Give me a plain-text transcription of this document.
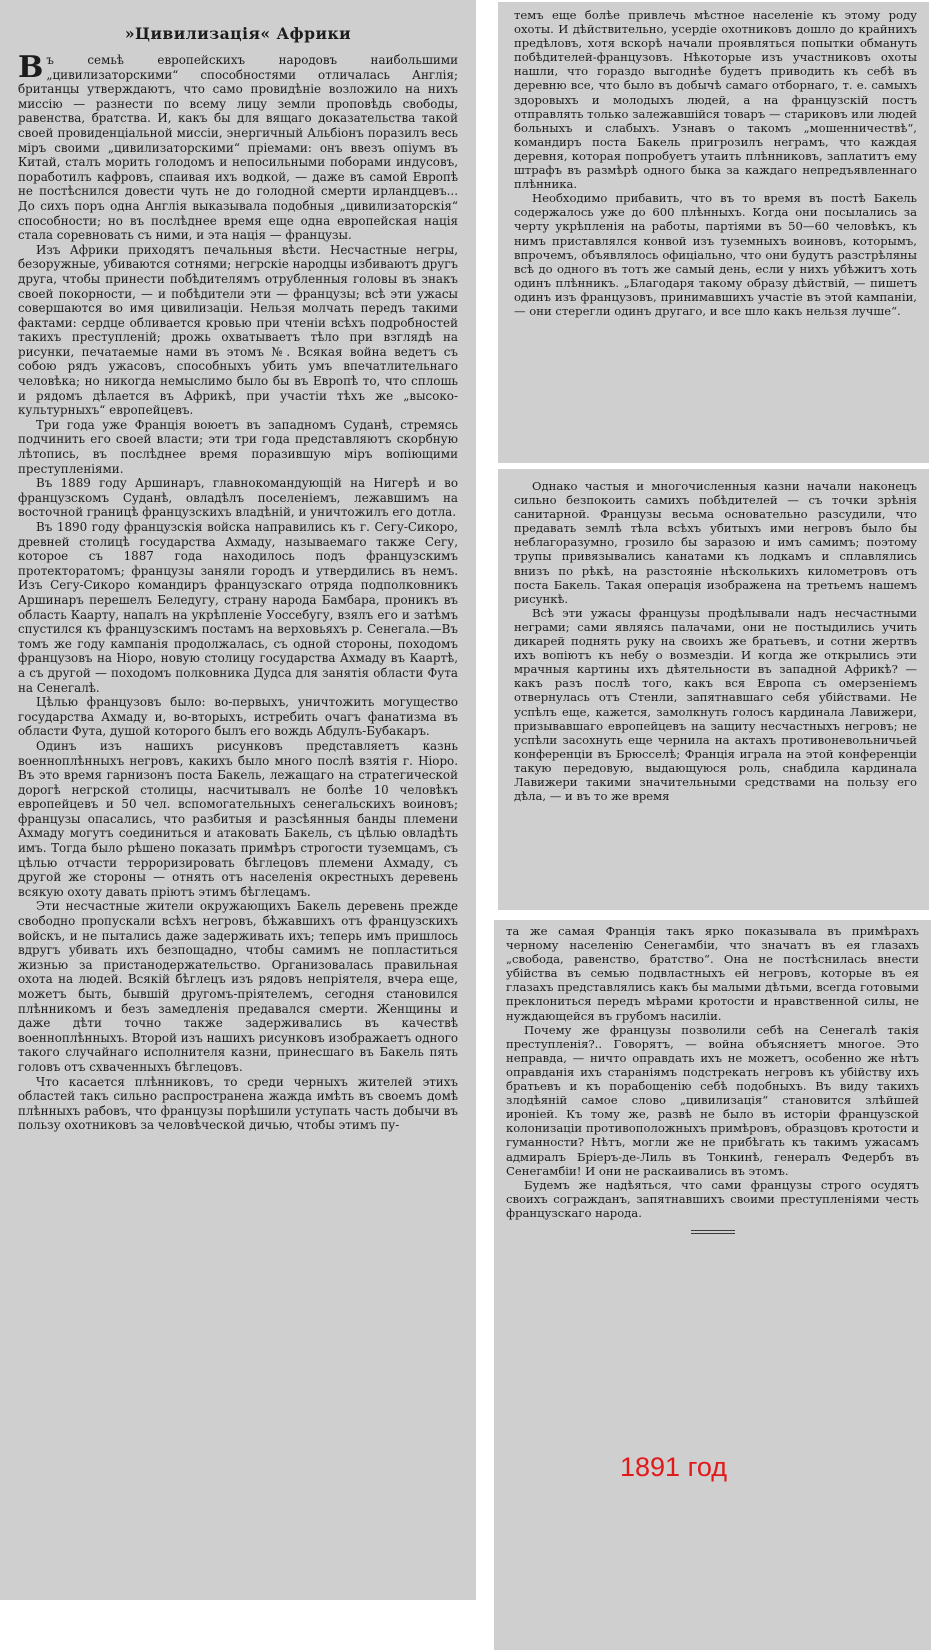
»Цивилизація« Африки

Въ семьѣ европейскихъ народовъ наибольшими „цивилизаторскими“ способностями отличалась Англія; британцы утверждаютъ, что само провидѣніе возложило на нихъ миссію — разнести по всему лицу земли проповѣдь свободы, равенства, братства. И, какъ бы для вящаго доказательства такой своей провиденціальной миссіи, энергичный Альбіонъ поразилъ весь міръ своими „цивилизаторскими“ пріемами: онъ ввезъ опіумъ въ Китай, сталъ морить голодомъ и непосильными поборами индусовъ, поработилъ кафровъ, спаивая ихъ водкой, — даже въ самой Европѣ не постѣснился довести чуть не до голодной смерти ирландцевъ... До сихъ поръ одна Англія выказывала подобныя „цивилизаторскія“ способности; но въ послѣднее время еще одна европейская нація стала соревновать съ ними, и эта нація — французы.

Изъ Африки приходятъ печальныя вѣсти. Несчастные негры, безоружные, убиваются сотнями; негрскіе народцы избиваютъ другъ друга, чтобы принести побѣдителямъ отрубленныя головы въ знакъ своей покорности, — и побѣдители эти — французы; всѣ эти ужасы совершаются во имя цивилизаціи. Нельзя молчать передъ такими фактами: сердце обливается кровью при чтеніи всѣхъ подробностей такихъ преступленій; дрожь охватываетъ тѣло при взглядѣ на рисунки, печатаемые нами въ этомъ №. Всякая война ведетъ съ собою рядъ ужасовъ, способныхъ убить умъ впечатлительнаго человѣка; но никогда немыслимо было бы въ Европѣ то, что сплошь и рядомъ дѣлается въ Африкѣ, при участіи тѣхъ же „высоко-культурныхъ“ европейцевъ.

Три года уже Франція воюетъ въ западномъ Суданѣ, стремясь подчинить его своей власти; эти три года представляютъ скорбную лѣтопись, въ послѣднее время поразившую міръ вопіющими преступленіями.

Въ 1889 году Аршинаръ, главнокомандующій на Нигерѣ и во французскомъ Суданѣ, овладѣлъ поселеніемъ, лежавшимъ на восточной границѣ французскихъ владѣній, и уничтожилъ его дотла.

Въ 1890 году французскія войска направились къ г. Сегу-Сикоро, древней столицѣ государства Ахмаду, называемаго также Сегу, которое съ 1887 года находилось подъ французскимъ протекторатомъ; французы заняли городъ и утвердились въ немъ. Изъ Сегу-Сикоро командиръ французскаго отряда подполковникъ Аршинаръ перешелъ Беледугу, страну народа Бамбара, проникъ въ область Каарту, напалъ на укрѣпленіе Уоссебугу, взялъ его и затѣмъ спустился къ французскимъ постамъ на верховьяхъ р. Сенегала.—Въ томъ же году кампанія продолжалась, съ одной стороны, походомъ французовъ на Ніоро, новую столицу государства Ахмаду въ Каартѣ, а съ другой — походомъ полковника Дудса для занятія области Фута на Сенегалѣ.

Цѣлью французовъ было: во-первыхъ, уничтожить могущество государства Ахмаду и, во-вторыхъ, истребить очагъ фанатизма въ области Фута, душой которого былъ его вождь Абдулъ-Бубакаръ.

Одинъ изъ нашихъ рисунковъ представляетъ казнь военноплѣнныхъ негровъ, какихъ было много послѣ взятія г. Ніоро. Въ это время гарнизонъ поста Бакель, лежащаго на стратегической дорогѣ негрской столицы, насчитывалъ не болѣе 10 человѣкъ европейцевъ и 50 чел. вспомогательныхъ сенегальскихъ воиновъ; французы опасались, что разбитыя и разсѣянныя банды племени Ахмаду могутъ соединиться и атаковать Бакель, съ цѣлью овладѣть имъ. Тогда было рѣшено показать примѣръ строгости туземцамъ, съ цѣлью отчасти терроризировать бѣглецовъ племени Ахмаду, съ другой же стороны — отнять отъ населенія окрестныхъ деревень всякую охоту давать пріютъ этимъ бѣглецамъ.

Эти несчастные жители окружающихъ Бакель деревень прежде свободно пропускали всѣхъ негровъ, бѣжавшихъ отъ французскихъ войскъ, и не пытались даже задерживать ихъ; теперь имъ пришлось вдругъ убивать ихъ безпощадно, чтобы самимъ не попластиться жизнью за пристанодержательство. Организовалась правильная охота на людей. Всякій бѣглецъ изъ рядовъ непріятеля, вчера еще, можетъ быть, бывшій другомъ-пріятелемъ, сегодня становился плѣнникомъ и безъ замедленія предавался смерти. Женщины и даже дѣти точно также задерживались въ качествѣ военноплѣнныхъ. Второй изъ нашихъ рисунковъ изображаетъ одного такого случайнаго исполнителя казни, принесшаго въ Бакель пять головъ отъ схваченныхъ бѣглецовъ.

Что касается плѣнниковъ, то среди черныхъ жителей этихъ областей такъ сильно распространена жажда имѣть въ своемъ домѣ плѣнныхъ рабовъ, что французы порѣшили уступать часть добычи въ пользу охотниковъ за человѣческой дичью, чтобы этимъ пу-

темъ еще болѣе привлечь мѣстное населеніе къ этому роду охоты. И дѣйствительно, усердіе охотниковъ дошло до крайнихъ предѣловъ, хотя вскорѣ начали проявляться попытки обмануть побѣдителей-французовъ. Нѣкоторые изъ участниковъ охоты нашли, что гораздо выгоднѣе будетъ приводить къ себѣ въ деревню все, что было въ добычѣ самаго отборнаго, т. е. самыхъ здоровыхъ и молодыхъ людей, а на французскій постъ отправлять только залежавшійся товаръ — стариковъ или людей больныхъ и слабыхъ. Узнавъ о такомъ „мошенничествѣ“, командиръ поста Бакель пригрозилъ неграмъ, что каждая деревня, которая попробуетъ утаить плѣнниковъ, заплатитъ ему штрафъ въ размѣрѣ одного быка за каждаго непредъявленнаго плѣнника.

Необходимо прибавить, что въ то время въ постѣ Бакель содержалось уже до 600 плѣнныхъ. Когда они посылались за черту укрѣпленія на работы, партіями въ 50—60 человѣкъ, къ нимъ приставлялся конвой изъ туземныхъ воиновъ, которымъ, впрочемъ, объявлялось офиціально, что они будутъ разстрѣляны всѣ до одного въ тотъ же самый день, если у нихъ убѣжитъ хоть одинъ плѣнникъ. „Благодаря такому образу дѣйствій, — пишетъ одинъ изъ французовъ, принимавшихъ участіе въ этой кампаніи, — они стерегли одинъ другаго, и все шло какъ нельзя лучше“.

Однако частыя и многочисленныя казни начали наконецъ сильно безпокоить самихъ побѣдителей — съ точки зрѣнія санитарной. Французы весьма основательно разсудили, что предавать землѣ тѣла всѣхъ убитыхъ ими негровъ было бы неблагоразумно, грозило бы заразою и имъ самимъ; поэтому трупы привязывались канатами къ лодкамъ и сплавлялись внизъ по рѣкѣ, на разстояніе нѣсколькихъ километровъ отъ поста Бакель. Такая операція изображена на третьемъ нашемъ рисункѣ.

Всѣ эти ужасы французы продѣлывали надъ несчастными неграми; сами являясь палачами, они не постыдились учить дикарей поднять руку на своихъ же братьевъ, и сотни жертвъ ихъ вопіютъ къ небу о возмездіи. И когда же открылись эти мрачныя картины ихъ дѣятельности въ западной Африкѣ? — какъ разъ послѣ того, какъ вся Европа съ омерзеніемъ отвернулась отъ Стенли, запятнавшаго себя убійствами. Не успѣлъ еще, кажется, замолкнуть голосъ кардинала Лавижери, призывавшаго европейцевъ на защиту несчастныхъ негровъ; не успѣли засохнуть еще чернила на актахъ противоневольничьей конференціи въ Брюсселѣ; Франція играла на этой конференціи такую передовую, выдающуюся роль, снабдила кардинала Лавижери такими значительными средствами на пользу его дѣла, — и въ то же время

та же самая Франція такъ ярко показывала въ примѣрахъ черному населенію Сенегамбіи, что значатъ въ ея глазахъ „свобода, равенство, братство“. Она не постѣснилась внести убійства въ семью подвластныхъ ей негровъ, которые въ ея глазахъ представлялись какъ бы малыми дѣтьми, всегда готовыми преклониться передъ мѣрами кротости и нравственной силы, не нуждающейся въ грубомъ насиліи.

Почему же французы позволили себѣ на Сенегалѣ такія преступленія?.. Говорятъ, — война объясняетъ многое. Это неправда, — ничто оправдать ихъ не можетъ, особенно же нѣтъ оправданія ихъ старанiямъ подстрекать негровъ къ убійству ихъ братьевъ и къ порабощенію себѣ подобныхъ. Въ виду такихъ злодѣяній самое слово „цивилизація“ становится злѣйшей ироніей. Къ тому же, развѣ не было въ исторіи французской колонизаціи противоположныхъ примѣровъ, образцовъ кротости и гуманности? Нѣтъ, могли же не прибѣгать къ такимъ ужасамъ адмиралъ Бріеръ-де-Лиль въ Тонкинѣ, генералъ Федербъ въ Сенегамбіи! И они не раскаивались въ этомъ.

Будемъ же надѣяться, что сами французы строго осудятъ своихъ согражданъ, запятнавшихъ своими преступленіями честь французскаго народа.

1891 год
